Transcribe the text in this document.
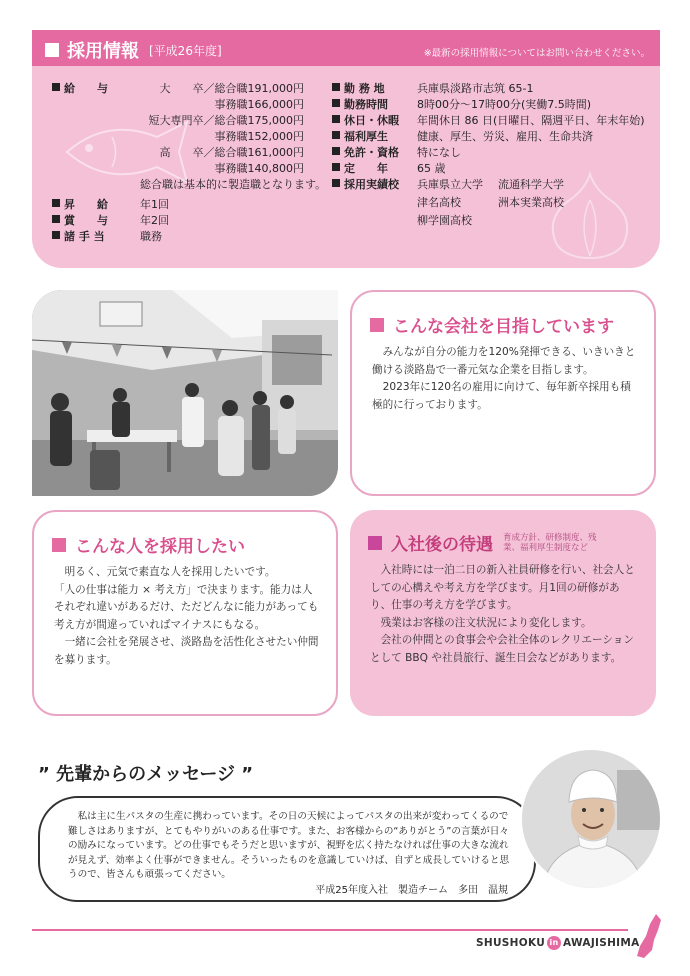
採用情報 [平成26年度]	※最新の採用情報についてはお問い合わせください。
給　　与	大　　卒／総合職191,000円
事務職166,000円
短大専門卒／総合職175,000円
事務職152,000円
高　　卒／総合職161,000円
事務職140,800円
総合職は基本的に製造職となります。
昇　　給	年1回
賞　　与	年2回
諸 手 当	職務
勤 務 地	兵庫県淡路市志筑 65-1
勤務時間	8時00分～17時00分(実働7.5時間)
休日・休暇 年間休日 86 日(日曜日、隔週平日、年末年始)
福利厚生	健康、厚生、労災、雇用、生命共済
免許・資格 特になし
定　　年	65 歳
採用実績校 兵庫県立大学 流通科学大学
津名高校	洲本実業高校
柳学園高校
こんな会社を目指しています

みんなが自分の能力を120%発揮できる、いきいきと働ける淡路島で一番元気な企業を目指します。

2023年に120名の雇用に向けて、毎年新卒採用も積極的に行っております。

こんな人を採用したい

明るく、元気で素直な人を採用したいです。

「人の仕事は能力 × 考え方」で決まります。能力は人それぞれ違いがあるだけ、ただどんなに能力があっても考え方が間違っていればマイナスにもなる。

一緒に会社を発展させ、淡路島を活性化させたい仲間を募ります。

入社後の待遇 育成方針、研修制度、残業、福利厚生制度など

入社時には一泊二日の新入社員研修を行い、社会人としての心構えや考え方を学びます。月1回の研修があり、仕事の考え方を学びます。

残業はお客様の注文状況により変化します。

会社の仲間との食事会や会社全体のレクリエーションとして BBQ や社員旅行、誕生日会などがあります。

” 先輩からのメッセージ ”

私は主に生パスタの生産に携わっています。その日の天候によってパスタの出来が変わってくるので難しさはありますが、とてもやりがいのある仕事です。また、お客様からの“ありがとう”の言葉が日々の励みになっています。どの仕事でもそうだと思いますが、視野を広く持たなければ仕事の大きな流れが見えず、効率よく仕事ができません。そういったものを意識していけば、自ずと成長していけると思うので、皆さんも頑張ってください。

平成25年度入社　製造チーム　多田　温規
SHUSHOKU in AWAJISHIMA
